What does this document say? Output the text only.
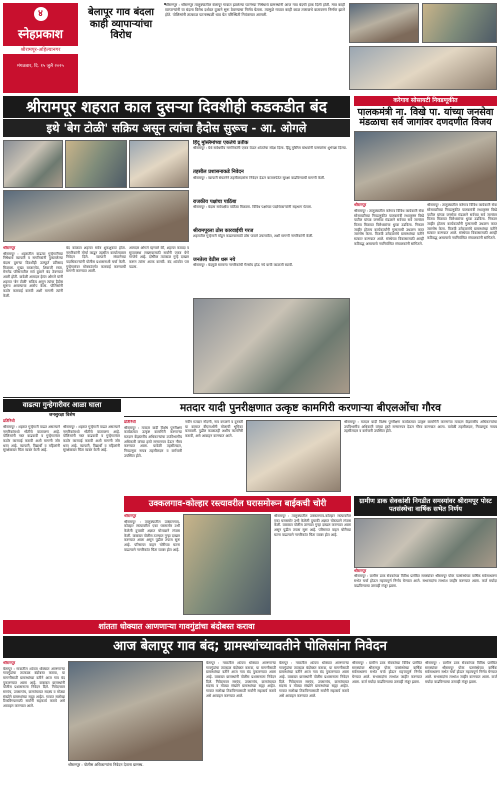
४
स्नेहप्रकाश
श्रीरामपूर-अहिल्यानगर
मंगळवार, दि. १५ जुलै २०२५
बेलापूर गाव बंदला काही व्यापाऱ्यांचा विरोध
श्रीरामपूर : श्रीरामपूर तालुक्यातील बेलापूर गावात झालेल्या घटनेच्या निषेधार्थ ग्रामस्थांनी आज गाव बंदची हाक दिली होती. मात्र काही व्यापाऱ्यांनी या बंदला विरोध दर्शवत दुकाने सुरू ठेवण्याचा निर्णय घेतला. त्यामुळे गावात काही काळ तणावाचे वातावरण निर्माण झाले होते. पोलिसांनी तात्काळ घटनास्थळी धाव घेत परिस्थिती नियंत्रणात आणली.
श्रीरामपूर शहरात काल दुसऱ्या दिवशीही कडकडीत बंद
इथे 'बेग टोळी' सक्रिय असून त्यांचा हैदोस सुरूच - आ. ओगले
करेगाव सोसायटी निवडणूकीत
पालकमंत्री ना. विखे पा. यांच्या जनसेवा मंडळाचा सर्व जागांवर दणदणीत विजय
श्रीरामपूर
श्रीरामपूर : तालुक्यातील करेगाव विविध कार्यकारी सेवा सोसायटीच्या निवडणुकीत पालकमंत्री राधाकृष्ण विखे पाटील यांच्या जनसेवा मंडळाने सर्वच्या सर्व जागांवर विजय मिळवत विरोधकांचा धुव्वा उडविला. निकाल जाहीर होताच कार्यकर्त्यांनी गुलालाची उधळण करत जल्लोष केला. विजयी उमेदवारांचे ग्रामस्थांच्या वतीने सत्कार करण्यात आले. संस्थेच्या विकासासाठी आम्ही कटिबद्ध असल्याचे नवनिर्वाचित संचालकांनी सांगितले.
श्रीरामपूर : तालुक्यातील करेगाव विविध कार्यकारी सेवा सोसायटीच्या निवडणुकीत पालकमंत्री राधाकृष्ण विखे पाटील यांच्या जनसेवा मंडळाने सर्वच्या सर्व जागांवर विजय मिळवत विरोधकांचा धुव्वा उडविला. निकाल जाहीर होताच कार्यकर्त्यांनी गुलालाची उधळण करत जल्लोष केला. विजयी उमेदवारांचे ग्रामस्थांच्या वतीने सत्कार करण्यात आले. संस्थेच्या विकासासाठी आम्ही कटिबद्ध असल्याचे नवनिर्वाचित संचालकांनी सांगितले.
हिंदू मुस्लिमांच्या एकतेचे प्रतीक
श्रीरामपूर : येथे सर्वधर्मीय नागरिकांनी एकत्र येऊन शांततेचा संदेश दिला. हिंदू मुस्लिम बांधवांनी परस्परांना शुभेच्छा दिल्या.
तहसील प्रशासनाकडे निवेदन
श्रीरामपूर : व्यापारी संघटनेने तहसीलदारांना निवेदन देऊन बाजारपेठेत सुरक्षा वाढविण्याची मागणी केली.
राजकीय पक्षांचा पाठिंबा
श्रीरामपूर : बंदला सर्वपक्षीय पाठिंबा मिळाला. विविध पक्षांच्या पदाधिकाऱ्यांनी सहभाग घेतला.
श्रीरामपूरला ठोस कारवाईची गरज
शहरातील गुन्हेगारी मोडून काढण्यासाठी ठोस पावले उचलावीत, अशी मागणी नागरिकांनी केली.
जनतेला वेठीस धरू नये
श्रीरामपूर : बंदमुळे सामान्य नागरिकांची गैरसोय होऊ नये याची काळजी घ्यावी.
श्रीरामपूर
श्रीरामपूर : शहरातील वाढत्या गुन्हेगारीच्या निषेधार्थ व्यापारी व नागरिकांनी पुकारलेल्या बंदला दुसऱ्या दिवशीही उत्स्फूर्त प्रतिसाद मिळाला. मुख्य बाजारपेठ, शिवाजी रस्ता, मेनरोड परिसरातील सर्व दुकाने बंद ठेवण्यात आली होती. यावेळी आमदार हेमंत ओगले यांनी शहरात 'बेग टोळी' सक्रिय असून त्यांचा हैदोस सुरूच असल्याचा आरोप केला. पोलिसांनी कठोर कारवाई करावी अशी मागणी त्यांनी केली.
बंद काळात शहरात सर्वत्र शुकशुकाट होता. नागरिकांनी मोर्चा काढून तहसील कार्यालयावर निवेदन दिले. व्यापारी संघटनेच्या पदाधिकाऱ्यांनी पोलीस प्रशासनाशी चर्चा केली. गुन्हेगारांवर मोक्कांतर्गत कारवाई करण्याची मागणी करण्यात आली.
आमदार ओगले म्हणाले की, शहरात कायदा व सुव्यवस्था राखण्यासाठी सर्वांनी एकत्र येणे गरजेचे आहे. दोषींवर तात्काळ गुन्हे दाखल करून त्यांना अटक करावी. बंद शांततेत पार पडला.
वाढत्या गुन्हेगारीवर आळा घाला
जनसुरक्षा विशेष
प्रतिनिधी
श्रीरामपूर : शहरात गुन्हेगारी वाढत असल्याने नागरिकांमध्ये भीतीचे वातावरण आहे. पोलिसांनी गस्त वाढवावी व गुन्हेगारांवर कठोर कारवाई करावी अशी मागणी जोर धरत आहे. व्यापारी, विद्यार्थी व महिलांनी सुरक्षेबाबत चिंता व्यक्त केली आहे.
श्रीरामपूर : शहरात गुन्हेगारी वाढत असल्याने नागरिकांमध्ये भीतीचे वातावरण आहे. पोलिसांनी गस्त वाढवावी व गुन्हेगारांवर कठोर कारवाई करावी अशी मागणी जोर धरत आहे. व्यापारी, विद्यार्थी व महिलांनी सुरक्षेबाबत चिंता व्यक्त केली आहे.
मतदार यादी पुनरीक्षणात उत्कृष्ट कामगिरी करणाऱ्या बीएलओंचा गौरव
प्रतिनिधी
श्रीरामपूर : मतदार यादी विशेष पुनरीक्षण कार्यक्रमात उत्कृष्ट कामगिरी करणाऱ्या मतदान केंद्रस्तरीय अधिकाऱ्यांचा उपविभागीय अधिकारी यांच्या हस्ते सन्मानपत्र देऊन गौरव करण्यात आला. यावेळी तहसीलदार, निवडणूक नायब तहसीलदार व कर्मचारी उपस्थित होते.
नवीन मतदार नोंदणी, नाव वगळणे व दुरुस्ती या कामात बीएलओंनी मोलाची भूमिका बजावली. पुढील काळातही अशीच कामगिरी करावी, असे आवाहन करण्यात आले.
श्रीरामपूर : मतदार यादी विशेष पुनरीक्षण कार्यक्रमात उत्कृष्ट कामगिरी करणाऱ्या मतदान केंद्रस्तरीय अधिकाऱ्यांचा उपविभागीय अधिकारी यांच्या हस्ते सन्मानपत्र देऊन गौरव करण्यात आला. यावेळी तहसीलदार, निवडणूक नायब तहसीलदार व कर्मचारी उपस्थित होते.
उक्कलगाव-कोल्हार रस्त्यावरील घरासमोरून बाईकची चोरी
श्रीरामपूर
श्रीरामपूर : तालुक्यातील उक्कलगाव-कोल्हार रस्त्यावरील एका घरासमोर उभी केलेली दुचाकी अज्ञात चोरट्याने लंपास केली. याबाबत पोलीस ठाण्यात गुन्हा दाखल करण्यात आला असून पुढील तपास सुरू आहे. परिसरात वाहन चोरीच्या घटना वाढल्याने नागरिकांत चिंता व्यक्त होत आहे.
श्रीरामपूर : तालुक्यातील उक्कलगाव-कोल्हार रस्त्यावरील एका घरासमोर उभी केलेली दुचाकी अज्ञात चोरट्याने लंपास केली. याबाबत पोलीस ठाण्यात गुन्हा दाखल करण्यात आला असून पुढील तपास सुरू आहे. परिसरात वाहन चोरीच्या घटना वाढल्याने नागरिकांत चिंता व्यक्त होत आहे.
ग्रामीण डाक सेवकांशी निगडीत समस्यांवर श्रीरामपूर पोस्ट पतसंस्थेचा वार्षिक सभेत निर्णय
श्रीरामपूर
श्रीरामपूर : ग्रामीण डाक सेवकांच्या विविध प्रलंबित समस्यांवर श्रीरामपूर पोस्ट पतसंस्थेच्या वार्षिक सर्वसाधारण सभेत चर्चा होऊन महत्त्वपूर्ण निर्णय घेण्यात आले. सभासदांना लाभांश जाहीर करण्यात आला. कर्ज मर्यादा वाढविण्याचा ठरावही मंजूर झाला.
शांतता धोक्यात आणणाऱ्या गावगुंडांचा बंदोबस्त करावा
आज बेलापूर गाव बंद; ग्रामस्थांच्यावतीने पोलिसांना निवेदन
श्रीरामपूर
बेलापूर : गावातील शांतता धोक्यात आणणाऱ्या गावगुंडांचा तात्काळ बंदोबस्त करावा, या मागणीसाठी ग्रामस्थांच्या वतीने आज गाव बंद पुकारण्यात आला आहे. याबाबत ग्रामस्थांनी पोलीस प्रशासनाला निवेदन दिले. निवेदनावर सरपंच, उपसरपंच, ग्रामपंचायत सदस्य व मोठ्या संख्येने ग्रामस्थांच्या सह्या आहेत. गावात सलोखा टिकविण्यासाठी सर्वांनी सहकार्य करावे असे आवाहन करण्यात आले.
श्रीरामपूर : पोलीस अधिकाऱ्यांना निवेदन देताना ग्रामस्थ.
बेलापूर : गावातील शांतता धोक्यात आणणाऱ्या गावगुंडांचा तात्काळ बंदोबस्त करावा, या मागणीसाठी ग्रामस्थांच्या वतीने आज गाव बंद पुकारण्यात आला आहे. याबाबत ग्रामस्थांनी पोलीस प्रशासनाला निवेदन दिले. निवेदनावर सरपंच, उपसरपंच, ग्रामपंचायत सदस्य व मोठ्या संख्येने ग्रामस्थांच्या सह्या आहेत. गावात सलोखा टिकविण्यासाठी सर्वांनी सहकार्य करावे असे आवाहन करण्यात आले.
बेलापूर : गावातील शांतता धोक्यात आणणाऱ्या गावगुंडांचा तात्काळ बंदोबस्त करावा, या मागणीसाठी ग्रामस्थांच्या वतीने आज गाव बंद पुकारण्यात आला आहे. याबाबत ग्रामस्थांनी पोलीस प्रशासनाला निवेदन दिले. निवेदनावर सरपंच, उपसरपंच, ग्रामपंचायत सदस्य व मोठ्या संख्येने ग्रामस्थांच्या सह्या आहेत. गावात सलोखा टिकविण्यासाठी सर्वांनी सहकार्य करावे असे आवाहन करण्यात आले.
श्रीरामपूर : ग्रामीण डाक सेवकांच्या विविध प्रलंबित समस्यांवर श्रीरामपूर पोस्ट पतसंस्थेच्या वार्षिक सर्वसाधारण सभेत चर्चा होऊन महत्त्वपूर्ण निर्णय घेण्यात आले. सभासदांना लाभांश जाहीर करण्यात आला. कर्ज मर्यादा वाढविण्याचा ठरावही मंजूर झाला.
श्रीरामपूर : ग्रामीण डाक सेवकांच्या विविध प्रलंबित समस्यांवर श्रीरामपूर पोस्ट पतसंस्थेच्या वार्षिक सर्वसाधारण सभेत चर्चा होऊन महत्त्वपूर्ण निर्णय घेण्यात आले. सभासदांना लाभांश जाहीर करण्यात आला. कर्ज मर्यादा वाढविण्याचा ठरावही मंजूर झाला.
